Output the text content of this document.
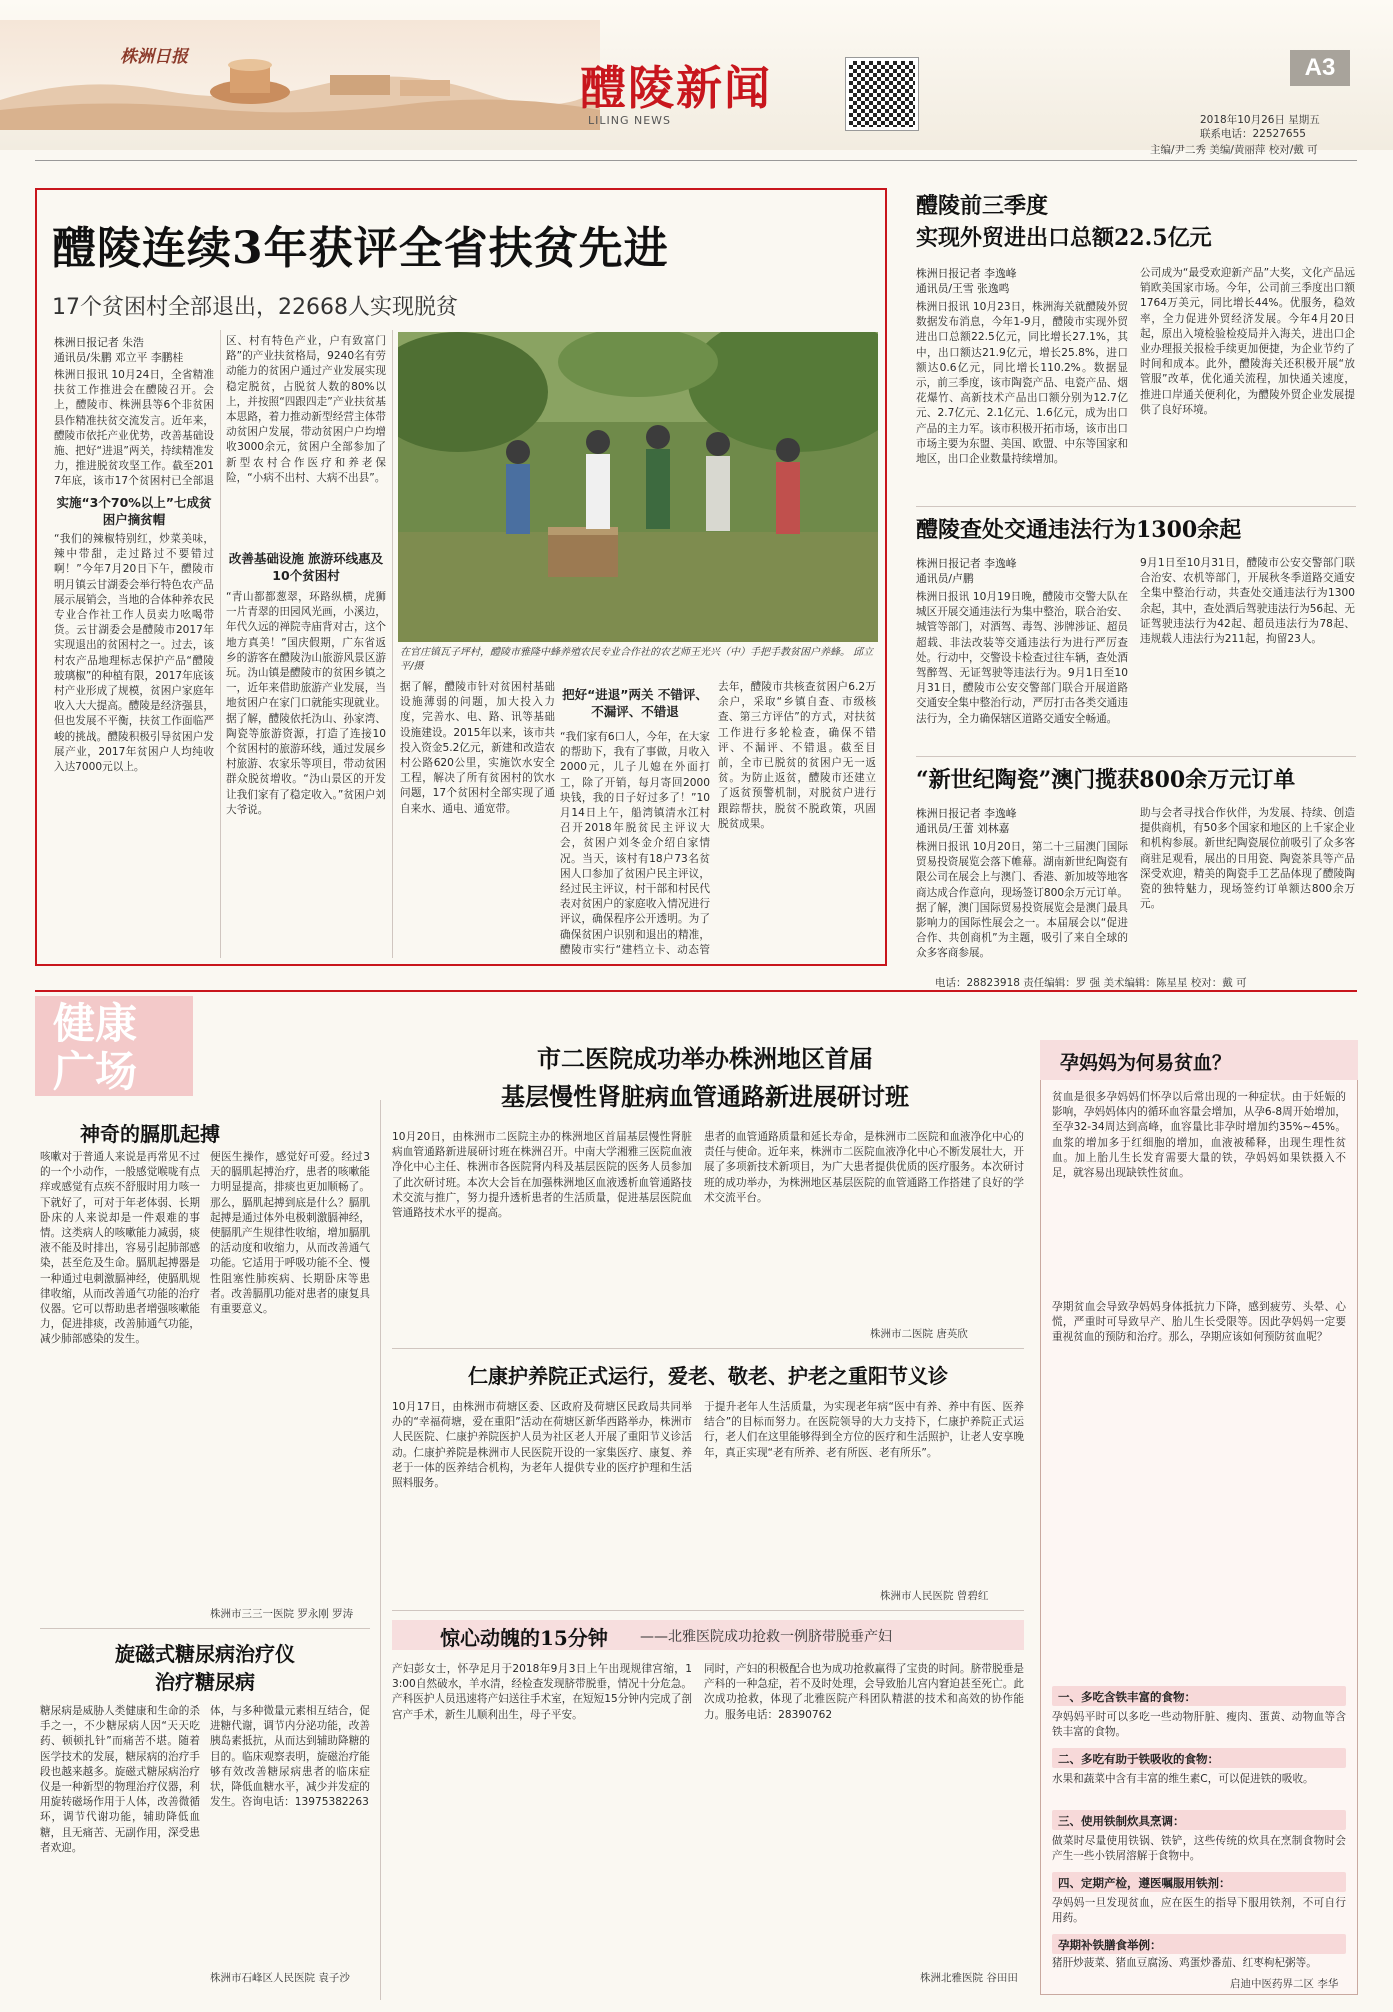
株洲日报
醴陵新闻
LILING NEWS
A3
2018年10月26日 星期五
联系电话：22527655
主编/尹二秀 美编/黄丽萍 校对/戴 可
醴陵连续3年获评全省扶贫先进
17个贫困村全部退出，22668人实现脱贫
株洲日报记者 朱浩
通讯员/朱鹏 邓立平 李鹏桂
株洲日报讯 10月24日，全省精准扶贫工作推进会在醴陵召开。会上，醴陵市、株洲县等6个非贫困县作精准扶贫交流发言。近年来，醴陵市依托产业优势，改善基础设施、把好“进退”两关，持续精准发力，推进脱贫攻坚工作。截至2017年底，该市17个贫困村已全部退
实施“3个70%以上”七成贫困户摘贫帽
“我们的辣椒特别红，炒菜美味，辣中带甜，走过路过不要错过啊！”今年7月20日下午，醴陵市明月镇云甘湖委会举行特色农产品展示展销会，当地的合体种养农民专业合作社工作人员卖力吆喝带货。云甘湖委会是醴陵市2017年实现退出的贫困村之一。过去，该村农产品地理标志保护产品“醴陵玻璃椒”的种植有限，2017年底该村产业形成了规模，贫困户家庭年收入大大提高。醴陵是经济强县，但也发展不平衡，扶贫工作面临严峻的挑战。醴陵积极引导贫困户发展产业，2017年贫困户人均纯收入达7000元以上。
区、村有特色产业，户有致富门路”的产业扶贫格局，9240名有劳动能力的贫困户通过产业发展实现稳定脱贫，占脱贫人数的80%以上，并按照“四跟四走”产业扶贫基本思路，着力推动新型经营主体带动贫困户发展，带动贫困户户均增收3000余元，贫困户全部参加了新型农村合作医疗和养老保险，“小病不出村、大病不出县”。
改善基础设施 旅游环线惠及10个贫困村
“青山都都葱翠，环路纵横，虎狮一片青翠的田园风光画，小溪边，年代久远的禅院寺庙背对古，这个地方真美！”国庆假期，广东省返乡的游客在醴陵沩山旅游风景区游玩。沩山镇是醴陵市的贫困乡镇之一，近年来借助旅游产业发展，当地贫困户在家门口就能实现就业。据了解，醴陵依托沩山、孙家湾、陶瓷等旅游资源，打造了连接10个贫困村的旅游环线，通过发展乡村旅游、农家乐等项目，带动贫困群众脱贫增收。“沩山景区的开发让我们家有了稳定收入。”贫困户刘大爷说。
在官庄镇瓦子坪村，醴陵市雅隆中蜂养殖农民专业合作社的农艺师王光兴（中）手把手教贫困户养蜂。 邱立平/摄
据了解，醴陵市针对贫困村基础设施薄弱的问题，加大投入力度，完善水、电、路、讯等基础设施建设。2015年以来，该市共投入资金5.2亿元，新建和改造农村公路620公里，实施饮水安全工程，解决了所有贫困村的饮水问题，17个贫困村全部实现了通自来水、通电、通宽带。
把好“进退”两关 不错评、不漏评、不错退
“我们家有6口人，今年，在大家的帮助下，我有了事做，月收入2000元，儿子儿媳在外面打工，除了开销，每月寄回2000块钱，我的日子好过多了！”10月14日上午，船湾镇清水江村召开2018年脱贫民主评议大会，贫困户刘冬金介绍自家情况。当天，该村有18户73名贫困人口参加了贫困户民主评议，经过民主评议，村干部和村民代表对贫困户的家庭收入情况进行评议，确保程序公开透明。为了确保贫困户识别和退出的精准，醴陵市实行“建档立卡、动态管
去年，醴陵市共核查贫困户6.2万余户，采取“乡镇自查、市级核查、第三方评估”的方式，对扶贫工作进行多轮检查，确保不错评、不漏评、不错退。截至目前，全市已脱贫的贫困户无一返贫。为防止返贫，醴陵市还建立了返贫预警机制，对脱贫户进行跟踪帮扶，脱贫不脱政策，巩固脱贫成果。
醴陵前三季度
实现外贸进出口总额22.5亿元
株洲日报记者 李逸峰
通讯员/王雪 张逸鸣
株洲日报讯 10月23日，株洲海关就醴陵外贸数据发布消息，今年1-9月，醴陵市实现外贸进出口总额22.5亿元，同比增长27.1%，其中，出口额达21.9亿元，增长25.8%，进口额达0.6亿元，同比增长110.2%。数据显示，前三季度，该市陶瓷产品、电瓷产品、烟花爆竹、高新技术产品出口额分别为12.7亿元、2.7亿元、2.1亿元、1.6亿元，成为出口产品的主力军。该市积极开拓市场，该市出口市场主要为东盟、美国、欧盟、中东等国家和地区，出口企业数量持续增加。
公司成为“最受欢迎新产品”大奖，文化产品远销欧美国家市场。今年，公司前三季度出口额1764万美元，同比增长44%。优服务，稳效率，全力促进外贸经济发展。今年4月20日起，原出入境检验检疫局并入海关，进出口企业办理报关报检手续更加便捷，为企业节约了时间和成本。此外，醴陵海关还积极开展“放管服”改革，优化通关流程，加快通关速度，推进口岸通关便利化，为醴陵外贸企业发展提供了良好环境。
醴陵查处交通违法行为1300余起
株洲日报记者 李逸峰
通讯员/卢鹏
株洲日报讯 10月19日晚，醴陵市交警大队在城区开展交通违法行为集中整治，联合治安、城管等部门，对酒驾、毒驾、涉牌涉证、超员超载、非法改装等交通违法行为进行严厉查处。行动中，交警设卡检查过往车辆，查处酒驾醉驾、无证驾驶等违法行为。9月1日至10月31日，醴陵市公安交警部门联合开展道路交通安全集中整治行动，严厉打击各类交通违法行为，全力确保辖区道路交通安全畅通。
9月1日至10月31日，醴陵市公安交警部门联合治安、农机等部门，开展秋冬季道路交通安全集中整治行动，共查处交通违法行为1300余起，其中，查处酒后驾驶违法行为56起、无证驾驶违法行为42起、超员违法行为78起、违规载人违法行为211起，拘留23人。
“新世纪陶瓷”澳门揽获800余万元订单
株洲日报记者 李逸峰
通讯员/王蕾 刘林嘉
株洲日报讯 10月20日，第二十三届澳门国际贸易投资展览会落下帷幕。湖南新世纪陶瓷有限公司在展会上与澳门、香港、新加坡等地客商达成合作意向，现场签订800余万元订单。据了解，澳门国际贸易投资展览会是澳门最具影响力的国际性展会之一。本届展会以“促进合作、共创商机”为主题，吸引了来自全球的众多客商参展。
助与会者寻找合作伙伴，为发展、持续、创造提供商机，有50多个国家和地区的上千家企业和机构参展。新世纪陶瓷展位前吸引了众多客商驻足观看，展出的日用瓷、陶瓷茶具等产品深受欢迎，精美的陶瓷手工艺品体现了醴陵陶瓷的独特魅力，现场签约订单额达800余万元。
电话：28823918 责任编辑：罗 强 美术编辑：陈星星 校对：戴 可
健康广场
神奇的膈肌起搏
咳嗽对于普通人来说是再常见不过的一个小动作，一般感觉喉咙有点痒或感觉有点疾不舒服时用力咳一下就好了，可对于年老体弱、长期卧床的人来说却是一件艰难的事情。这类病人的咳嗽能力减弱，痰液不能及时排出，容易引起肺部感染，甚至危及生命。膈肌起搏器是一种通过电刺激膈神经，使膈肌规律收缩，从而改善通气功能的治疗仪器。它可以帮助患者增强咳嗽能力，促进排痰，改善肺通气功能，减少肺部感染的发生。
便医生操作，感觉好可爱。经过3天的膈肌起搏治疗，患者的咳嗽能力明显提高，排痰也更加顺畅了。那么，膈肌起搏到底是什么？膈肌起搏是通过体外电极刺激膈神经，使膈肌产生规律性收缩，增加膈肌的活动度和收缩力，从而改善通气功能。它适用于呼吸功能不全、慢性阻塞性肺疾病、长期卧床等患者。改善膈肌功能对患者的康复具有重要意义。
株洲市三三一医院 罗永刚 罗涛
旋磁式糖尿病治疗仪
治疗糖尿病
糖尿病是威胁人类健康和生命的杀手之一，不少糖尿病人因“天天吃药、顿顿扎针”而痛苦不堪。随着医学技术的发展，糖尿病的治疗手段也越来越多。旋磁式糖尿病治疗仪是一种新型的物理治疗仪器，利用旋转磁场作用于人体，改善微循环，调节代谢功能，辅助降低血糖，且无痛苦、无副作用，深受患者欢迎。
体，与多种微量元素相互结合，促进糖代谢，调节内分泌功能，改善胰岛素抵抗，从而达到辅助降糖的目的。临床观察表明，旋磁治疗能够有效改善糖尿病患者的临床症状，降低血糖水平，减少并发症的发生。咨询电话：13975382263
株洲市石峰区人民医院 袁子沙
市二医院成功举办株洲地区首届
基层慢性肾脏病血管通路新进展研讨班
10月20日，由株洲市二医院主办的株洲地区首届基层慢性肾脏病血管通路新进展研讨班在株洲召开。中南大学湘雅三医院血液净化中心主任、株洲市各医院肾内科及基层医院的医务人员参加了此次研讨班。本次大会旨在加强株洲地区血液透析血管通路技术交流与推广，努力提升透析患者的生活质量，促进基层医院血管通路技术水平的提高。
患者的血管通路质量和延长寿命，是株洲市二医院和血液净化中心的责任与使命。近年来，株洲市二医院血液净化中心不断发展壮大，开展了多项新技术新项目，为广大患者提供优质的医疗服务。本次研讨班的成功举办，为株洲地区基层医院的血管通路工作搭建了良好的学术交流平台。
株洲市二医院 唐英欣
仁康护养院正式运行，爱老、敬老、护老之重阳节义诊
10月17日，由株洲市荷塘区委、区政府及荷塘区民政局共同举办的“幸福荷塘，爱在重阳”活动在荷塘区新华西路举办，株洲市人民医院、仁康护养院医护人员为社区老人开展了重阳节义诊活动。仁康护养院是株洲市人民医院开设的一家集医疗、康复、养老于一体的医养结合机构，为老年人提供专业的医疗护理和生活照料服务。
于提升老年人生活质量，为实现老年病“医中有养、养中有医、医养结合”的目标而努力。在医院领导的大力支持下，仁康护养院正式运行，老人们在这里能够得到全方位的医疗和生活照护，让老人安享晚年，真正实现“老有所养、老有所医、老有所乐”。
株洲市人民医院 曾碧红
惊心动魄的15分钟 ——北雅医院成功抢救一例脐带脱垂产妇
产妇彭女士，怀孕足月于2018年9月3日上午出现规律宫缩，13:00自然破水，羊水清，经检查发现脐带脱垂，情况十分危急。产科医护人员迅速将产妇送往手术室，在短短15分钟内完成了剖宫产手术，新生儿顺利出生，母子平安。
同时，产妇的积极配合也为成功抢救赢得了宝贵的时间。脐带脱垂是产科的一种急症，若不及时处理，会导致胎儿宫内窘迫甚至死亡。此次成功抢救，体现了北雅医院产科团队精湛的技术和高效的协作能力。服务电话：28390762
株洲北雅医院 谷田田
孕妈妈为何易贫血？
贫血是很多孕妈妈们怀孕以后常出现的一种症状。由于妊娠的影响，孕妈妈体内的循环血容量会增加，从孕6-8周开始增加，至孕32-34周达到高峰，血容量比非孕时增加约35%~45%。血浆的增加多于红细胞的增加，血液被稀释，出现生理性贫血。加上胎儿生长发育需要大量的铁，孕妈妈如果铁摄入不足，就容易出现缺铁性贫血。
孕期贫血会导致孕妈妈身体抵抗力下降，感到疲劳、头晕、心慌，严重时可导致早产、胎儿生长受限等。因此孕妈妈一定要重视贫血的预防和治疗。那么，孕期应该如何预防贫血呢？
一、多吃含铁丰富的食物：
孕妈妈平时可以多吃一些动物肝脏、瘦肉、蛋黄、动物血等含铁丰富的食物。
二、多吃有助于铁吸收的食物：
水果和蔬菜中含有丰富的维生素C，可以促进铁的吸收。
三、使用铁制炊具烹调：
做菜时尽量使用铁锅、铁铲，这些传统的炊具在烹制食物时会产生一些小铁屑溶解于食物中。
四、定期产检，遵医嘱服用铁剂：
孕妈妈一旦发现贫血，应在医生的指导下服用铁剂，不可自行用药。
孕期补铁膳食举例：
猪肝炒菠菜、猪血豆腐汤、鸡蛋炒番茄、红枣枸杞粥等。
启迪中医药界二区 李华
